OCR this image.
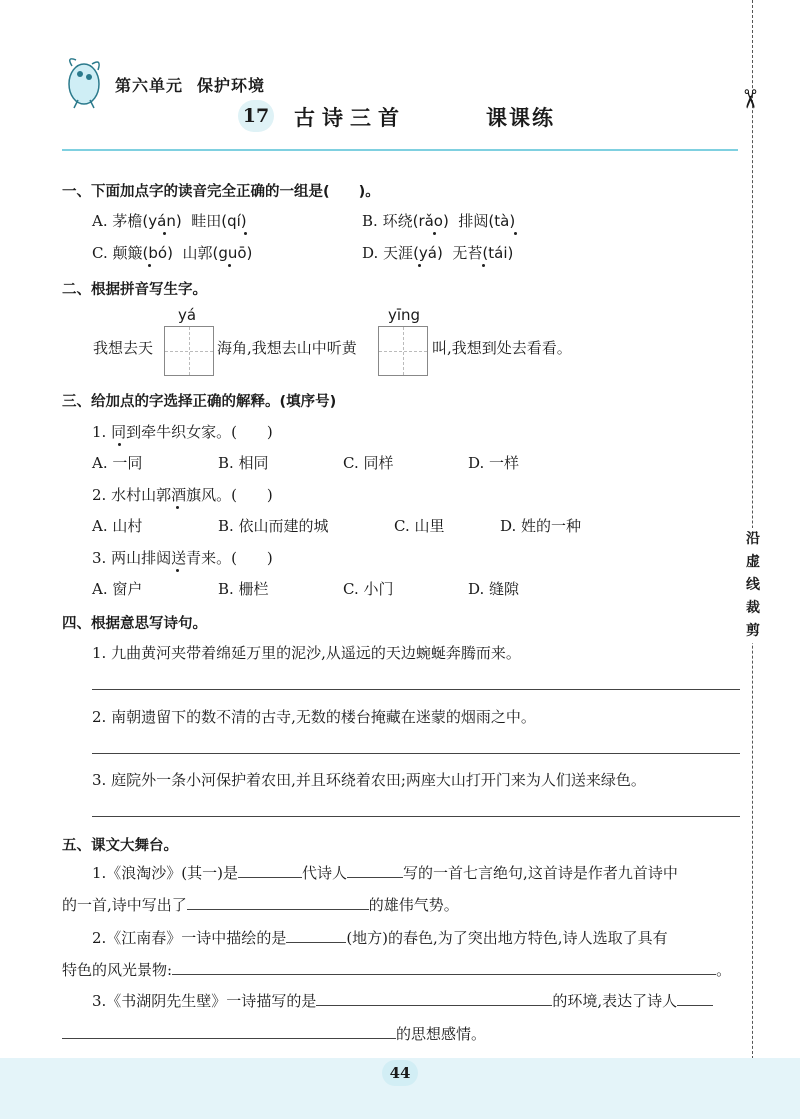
第六单元 保护环境
17 古诗三首	课课练
✂
沿
虚
线
裁
剪
一、下面加点字的读音完全正确的一组是(　　)。
A. 茅檐(yán) 畦田(qí)	B. 环绕(rǎo) 排闼(tà)
C. 颠簸(bó) 山郭(guō)	D. 天涯(yá) 无苔(tái)
二、根据拼音写生字。
yá	yīng
我想去天	海角,我想去山中听黄	叫,我想到处去看看。
三、给加点的字选择正确的解释。(填序号)
1. 同到牵牛织女家。(　　)
A. 一同	B. 相同	C. 同样	D. 一样
2. 水村山郭酒旗风。(　　)
A. 山村	B. 依山而建的城	C. 山里	D. 姓的一种
3. 两山排闼送青来。(　　)
A. 窗户	B. 栅栏	C. 小门	D. 缝隙
四、根据意思写诗句。
1. 九曲黄河夹带着绵延万里的泥沙,从遥远的天边蜿蜒奔腾而来。
2. 南朝遗留下的数不清的古寺,无数的楼台掩藏在迷蒙的烟雨之中。
3. 庭院外一条小河保护着农田,并且环绕着农田;两座大山打开门来为人们送来绿色。
五、课文大舞台。
1.《浪淘沙》(其一)是	代诗人	写的一首七言绝句,这首诗是作者九首诗中
的一首,诗中写出了	的雄伟气势。
2.《江南春》一诗中描绘的是	(地方)的春色,为了突出地方特色,诗人选取了具有
特色的风光景物:	。
3.《书湖阴先生壁》一诗描写的是	的环境,表达了诗人
的思想感情。
44
